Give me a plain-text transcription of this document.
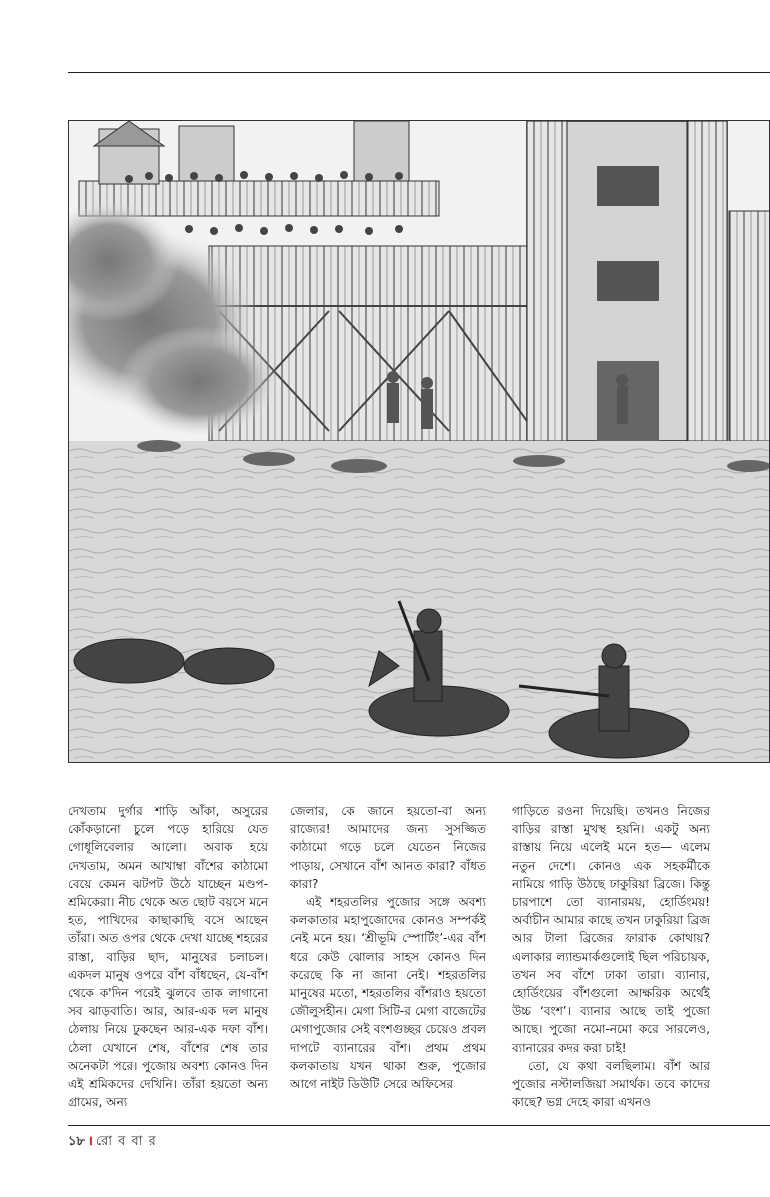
দেখতাম দুর্গার শাড়ি আঁকা, অসুরের কোঁকড়ানো চুলে পড়ে হারিয়ে যেত গোধূলিবেলার আলো। অবাক হয়ে দেখতাম, অমন আখাম্বা বাঁশের কাঠামো বেয়ে কেমন ঝটপট উঠে যাচ্ছেন মণ্ডপ-শ্রমিকেরা। নীচ থেকে অত ছোট বয়সে মনে হত, পাখিদের কাছাকাছি বসে আছেন তাঁরা। অত ওপর থেকে দেখা যাচ্ছে শহরের রাস্তা, বাড়ির ছাদ, মানুষের চলাচল। একদল মানুষ ওপরে বাঁশ বাঁধছেন, যে-বাঁশ থেকে ক'দিন পরেই ঝুলবে তাক লাগানো সব ঝাড়বাতি। আর, আর-এক দল মানুষ ঠেলায় নিয়ে ঢুকছেন আর-এক দফা বাঁশ। ঠেলা যেখানে শেষ, বাঁশের শেষ তার অনেকটা পরে। পুজোয় অবশ্য কোনও দিন এই শ্রমিকদের দেখিনি। তাঁরা হয়তো অন্য গ্রামের, অন্য

জেলার, কে জানে হয়তো-বা অন্য রাজ্যের! আমাদের জন্য সুসজ্জিত কাঠামো গড়ে চলে যেতেন নিজের পাড়ায়, সেখানে বাঁশ আনত কারা? বাঁধত কারা?

এই শহরতলির পুজোর সঙ্গে অবশ্য কলকাতার মহাপুজোদের কোনও সম্পর্কই নেই মনে হয়। ‘শ্রীভূমি স্পোর্টিং’-এর বাঁশ ধরে কেউ ঝোলার সাহস কোনও দিন করেছে কি না জানা নেই। শহরতলির মানুষের মতো, শহরতলির বাঁশরাও হয়তো জৌলুসহীন। মেগা সিটি-র মেগা বাজেটের মেগাপুজোর সেই বংশগুচ্ছর চেয়েও প্রবল দাপটে ব্যানারের বাঁশ। প্রথম প্রথম কলকাতায় যখন থাকা শুরু, পুজোর আগে নাইট ডিউটি সেরে অফিসের

গাড়িতে রওনা দিয়েছি। তখনও নিজের বাড়ির রাস্তা মুখস্থ হয়নি। একটু অন্য রাস্তায় নিয়ে এলেই মনে হত— এলেম নতুন দেশে। কোনও এক সহকর্মীকে নামিয়ে গাড়ি উঠছে ঢাকুরিয়া ব্রিজে। কিন্তু চারপাশে তো ব্যানারময়, হোর্ডিংময়! অর্বাচীন আমার কাছে তখন ঢাকুরিয়া ব্রিজ আর টালা ব্রিজের ফারাক কোথায়? এলাকার ল্যান্ডমার্কগুলোই ছিল পরিচায়ক, তখন সব বাঁশে ঢাকা তারা। ব্যানার, হোর্ডিংয়ের বাঁশগুলো আক্ষরিক অর্থেই উচ্চ ‘বংশ’। ব্যানার আছে তাই পুজো আছে। পুজো নমো-নমো করে সারলেও, ব্যানারের কদর করা চাই!

তো, যে কথা বলছিলাম। বাঁশ আর পুজোর নস্টালজিয়া সমার্থক। তবে কাদের কাছে? ভগ্ন দেহে কারা এখনও

১৮ । রো ব বা র
